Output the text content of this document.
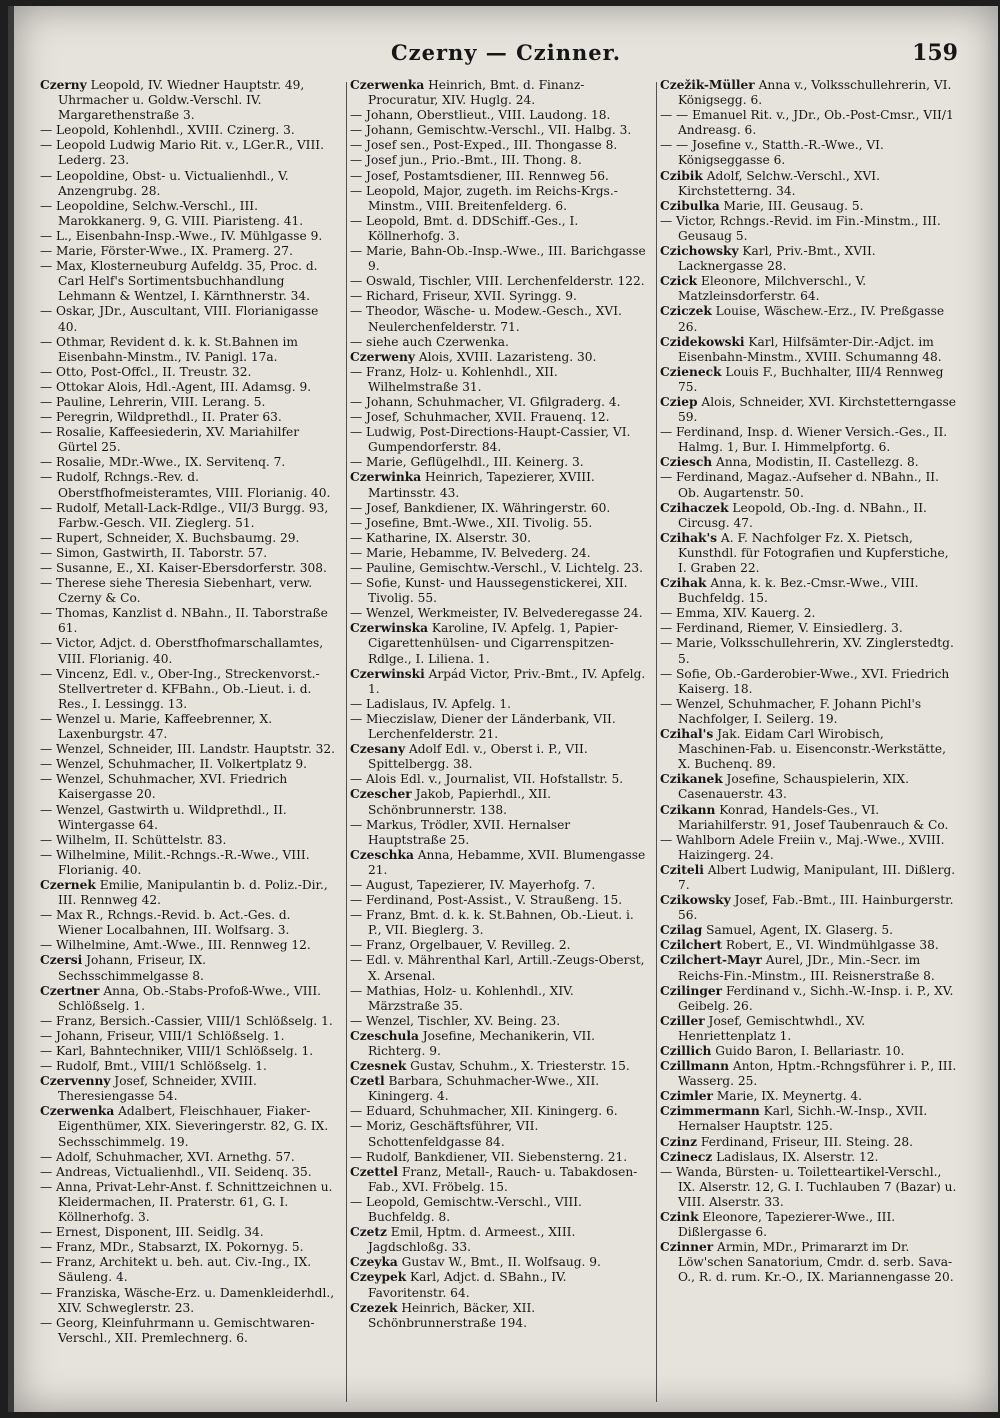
Czerny — Czinner.	159

Czerny Leopold, IV. Wiedner Hauptstr. 49, Uhrmacher u. Goldw.-Verschl. IV. Margarethenstraße 3.

— Leopold, Kohlenhdl., XVIII. Czinerg. 3.

— Leopold Ludwig Mario Rit. v., LGer.R., VIII. Lederg. 23.

— Leopoldine, Obst- u. Victualienhdl., V. Anzengrubg. 28.

— Leopoldine, Selchw.-Verschl., III. Marokkanerg. 9, G. VIII. Piaristeng. 41.

— L., Eisenbahn-Insp.-Wwe., IV. Mühlgasse 9.

— Marie, Förster-Wwe., IX. Pramerg. 27.

— Max, Klosterneuburg Aufeldg. 35, Proc. d. Carl Helf's Sortimentsbuchhandlung Lehmann & Wentzel, I. Kärnthnerstr. 34.

— Oskar, JDr., Auscultant, VIII. Florianigasse 40.

— Othmar, Revident d. k. k. St.Bahnen im Eisenbahn-Minstm., IV. Panigl. 17a.

— Otto, Post-Offcl., II. Treustr. 32.

— Ottokar Alois, Hdl.-Agent, III. Adamsg. 9.

— Pauline, Lehrerin, VIII. Lerang. 5.

— Peregrin, Wildprethdl., II. Prater 63.

— Rosalie, Kaffeesiederin, XV. Mariahilfer Gürtel 25.

— Rosalie, MDr.-Wwe., IX. Servitenq. 7.

— Rudolf, Rchngs.-Rev. d. Oberstfhofmeisteramtes, VIII. Florianig. 40.

— Rudolf, Metall-Lack-Rdlge., VII/3 Burgg. 93, Farbw.-Gesch. VII. Zieglerg. 51.

— Rupert, Schneider, X. Buchsbaumg. 29.

— Simon, Gastwirth, II. Taborstr. 57.

— Susanne, E., XI. Kaiser-Ebersdorferstr. 308.

— Therese siehe Theresia Siebenhart, verw. Czerny & Co.

— Thomas, Kanzlist d. NBahn., II. Taborstraße 61.

— Victor, Adjct. d. Oberstfhofmarschallamtes, VIII. Florianig. 40.

— Vincenz, Edl. v., Ober-Ing., Streckenvorst.-Stellvertreter d. KFBahn., Ob.-Lieut. i. d. Res., I. Lessingg. 13.

— Wenzel u. Marie, Kaffeebrenner, X. Laxenburgstr. 47.

— Wenzel, Schneider, III. Landstr. Hauptstr. 32.

— Wenzel, Schuhmacher, II. Volkertplatz 9.

— Wenzel, Schuhmacher, XVI. Friedrich Kaisergasse 20.

— Wenzel, Gastwirth u. Wildprethdl., II. Wintergasse 64.

— Wilhelm, II. Schüttelstr. 83.

— Wilhelmine, Milit.-Rchngs.-R.-Wwe., VIII. Florianig. 40.

Czernek Emilie, Manipulantin b. d. Poliz.-Dir., III. Rennweg 42.

— Max R., Rchngs.-Revid. b. Act.-Ges. d. Wiener Localbahnen, III. Wolfsarg. 3.

— Wilhelmine, Amt.-Wwe., III. Rennweg 12.

Czersi Johann, Friseur, IX. Sechsschimmelgasse 8.

Czertner Anna, Ob.-Stabs-Profoß-Wwe., VIII. Schlößselg. 1.

— Franz, Bersich.-Cassier, VIII/1 Schlößselg. 1.

— Johann, Friseur, VIII/1 Schlößselg. 1.

— Karl, Bahntechniker, VIII/1 Schlößselg. 1.

— Rudolf, Bmt., VIII/1 Schlößselg. 1.

Czervenny Josef, Schneider, XVIII. Theresiengasse 54.

Czerwenka Adalbert, Fleischhauer, Fiaker-Eigenthümer, XIX. Sieveringerstr. 82, G. IX. Sechsschimmelg. 19.

— Adolf, Schuhmacher, XVI. Arnethg. 57.

— Andreas, Victualienhdl., VII. Seidenq. 35.

— Anna, Privat-Lehr-Anst. f. Schnittzeichnen u. Kleidermachen, II. Praterstr. 61, G. I. Köllnerhofg. 3.

— Ernest, Disponent, III. Seidlg. 34.

— Franz, MDr., Stabsarzt, IX. Pokornyg. 5.

— Franz, Architekt u. beh. aut. Civ.-Ing., IX. Säuleng. 4.

— Franziska, Wäsche-Erz. u. Damenkleiderhdl., XIV. Schweglerstr. 23.

— Georg, Kleinfuhrmann u. Gemischtwaren-Verschl., XII. Premlechnerg. 6.

Czerwenka Heinrich, Bmt. d. Finanz-Procuratur, XIV. Huglg. 24.

— Johann, Oberstlieut., VIII. Laudong. 18.

— Johann, Gemischtw.-Verschl., VII. Halbg. 3.

— Josef sen., Post-Exped., III. Thongasse 8.

— Josef jun., Prio.-Bmt., III. Thong. 8.

— Josef, Postamtsdiener, III. Rennweg 56.

— Leopold, Major, zugeth. im Reichs-Krgs.-Minstm., VIII. Breitenfelderg. 6.

— Leopold, Bmt. d. DDSchiff.-Ges., I. Köllnerhofg. 3.

— Marie, Bahn-Ob.-Insp.-Wwe., III. Barichgasse 9.

— Oswald, Tischler, VIII. Lerchenfelderstr. 122.

— Richard, Friseur, XVII. Syringg. 9.

— Theodor, Wäsche- u. Modew.-Gesch., XVI. Neulerchenfelderstr. 71.

— siehe auch Czerwenka.

Czerweny Alois, XVIII. Lazaristeng. 30.

— Franz, Holz- u. Kohlenhdl., XII. Wilhelmstraße 31.

— Johann, Schuhmacher, VI. Gfilgraderg. 4.

— Josef, Schuhmacher, XVII. Frauenq. 12.

— Ludwig, Post-Directions-Haupt-Cassier, VI. Gumpendorferstr. 84.

— Marie, Geflügelhdl., III. Keinerg. 3.

Czerwinka Heinrich, Tapezierer, XVIII. Martinsstr. 43.

— Josef, Bankdiener, IX. Währingerstr. 60.

— Josefine, Bmt.-Wwe., XII. Tivolig. 55.

— Katharine, IX. Alserstr. 30.

— Marie, Hebamme, IV. Belvederg. 24.

— Pauline, Gemischtw.-Verschl., V. Lichtelg. 23.

— Sofie, Kunst- und Haussegenstickerei, XII. Tivolig. 55.

— Wenzel, Werkmeister, IV. Belvederegasse 24.

Czerwinska Karoline, IV. Apfelg. 1, Papier-Cigarettenhülsen- und Cigarrenspitzen-Rdlge., I. Liliena. 1.

Czerwinski Arpád Victor, Priv.-Bmt., IV. Apfelg. 1.

— Ladislaus, IV. Apfelg. 1.

— Mieczislaw, Diener der Länderbank, VII. Lerchenfelderstr. 21.

Czesany Adolf Edl. v., Oberst i. P., VII. Spittelbergg. 38.

— Alois Edl. v., Journalist, VII. Hofstallstr. 5.

Czescher Jakob, Papierhdl., XII. Schönbrunnerstr. 138.

— Markus, Trödler, XVII. Hernalser Hauptstraße 25.

Czeschka Anna, Hebamme, XVII. Blumengasse 21.

— August, Tapezierer, IV. Mayerhofg. 7.

— Ferdinand, Post-Assist., V. Straußeng. 15.

— Franz, Bmt. d. k. k. St.Bahnen, Ob.-Lieut. i. P., VII. Bieglerg. 3.

— Franz, Orgelbauer, V. Revilleg. 2.

— Edl. v. Mährenthal Karl, Artill.-Zeugs-Oberst, X. Arsenal.

— Mathias, Holz- u. Kohlenhdl., XIV. Märzstraße 35.

— Wenzel, Tischler, XV. Being. 23.

Czeschula Josefine, Mechanikerin, VII. Richterg. 9.

Czesnek Gustav, Schuhm., X. Triesterstr. 15.

Czetl Barbara, Schuhmacher-Wwe., XII. Kiningerg. 4.

— Eduard, Schuhmacher, XII. Kiningerg. 6.

— Moriz, Geschäftsführer, VII. Schottenfeldgasse 84.

— Rudolf, Bankdiener, VII. Siebensterng. 21.

Czettel Franz, Metall-, Rauch- u. Tabakdosen-Fab., XVI. Fröbelg. 15.

— Leopold, Gemischtw.-Verschl., VIII. Buchfeldg. 8.

Czetz Emil, Hptm. d. Armeest., XIII. Jagdschloßg. 33.

Czeyka Gustav W., Bmt., II. Wolfsaug. 9.

Czeypek Karl, Adjct. d. SBahn., IV. Favoritenstr. 64.

Czezek Heinrich, Bäcker, XII. Schönbrunnerstraße 194.

Czežik-Müller Anna v., Volksschullehrerin, VI. Königsegg. 6.

— — Emanuel Rit. v., JDr., Ob.-Post-Cmsr., VII/1 Andreasg. 6.

— — Josefine v., Statth.-R.-Wwe., VI. Königseggasse 6.

Czibik Adolf, Selchw.-Verschl., XVI. Kirchstetterng. 34.

Czibulka Marie, III. Geusaug. 5.

— Victor, Rchngs.-Revid. im Fin.-Minstm., III. Geusaug 5.

Czichowsky Karl, Priv.-Bmt., XVII. Lacknergasse 28.

Czick Eleonore, Milchverschl., V. Matzleinsdorferstr. 64.

Cziczek Louise, Wäschew.-Erz., IV. Preßgasse 26.

Czidekowski Karl, Hilfsämter-Dir.-Adjct. im Eisenbahn-Minstm., XVIII. Schumanng 48.

Czieneck Louis F., Buchhalter, III/4 Rennweg 75.

Cziep Alois, Schneider, XVI. Kirchstetterngasse 59.

— Ferdinand, Insp. d. Wiener Versich.-Ges., II. Halmg. 1, Bur. I. Himmelpfortg. 6.

Cziesch Anna, Modistin, II. Castellezg. 8.

— Ferdinand, Magaz.-Aufseher d. NBahn., II. Ob. Augartenstr. 50.

Czihaczek Leopold, Ob.-Ing. d. NBahn., II. Circusg. 47.

Czihak's A. F. Nachfolger Fz. X. Pietsch, Kunsthdl. für Fotografien und Kupferstiche, I. Graben 22.

Czihak Anna, k. k. Bez.-Cmsr.-Wwe., VIII. Buchfeldg. 15.

— Emma, XIV. Kauerg. 2.

— Ferdinand, Riemer, V. Einsiedlerg. 3.

— Marie, Volksschullehrerin, XV. Zinglerstedtg. 5.

— Sofie, Ob.-Garderobier-Wwe., XVI. Friedrich Kaiserg. 18.

— Wenzel, Schuhmacher, F. Johann Pichl's Nachfolger, I. Seilerg. 19.

Czihal's Jak. Eidam Carl Wirobisch, Maschinen-Fab. u. Eisenconstr.-Werkstätte, X. Buchenq. 89.

Czikanek Josefine, Schauspielerin, XIX. Casenauerstr. 43.

Czikann Konrad, Handels-Ges., VI. Mariahilferstr. 91, Josef Taubenrauch & Co.

— Wahlborn Adele Freiin v., Maj.-Wwe., XVIII. Haizingerg. 24.

Cziteli Albert Ludwig, Manipulant, III. Dißlerg. 7.

Czikowsky Josef, Fab.-Bmt., III. Hainburgerstr. 56.

Czilag Samuel, Agent, IX. Glaserg. 5.

Czilchert Robert, E., VI. Windmühlgasse 38.

Czilchert-Mayr Aurel, JDr., Min.-Secr. im Reichs-Fin.-Minstm., III. Reisnerstraße 8.

Czilinger Ferdinand v., Sichh.-W.-Insp. i. P., XV. Geibelg. 26.

Cziller Josef, Gemischtwhdl., XV. Henriettenplatz 1.

Czillich Guido Baron, I. Bellariastr. 10.

Czillmann Anton, Hptm.-Rchngsführer i. P., III. Wasserg. 25.

Czimler Marie, IX. Meynertg. 4.

Czimmermann Karl, Sichh.-W.-Insp., XVII. Hernalser Hauptstr. 125.

Czinz Ferdinand, Friseur, III. Steing. 28.

Czinecz Ladislaus, IX. Alserstr. 12.

— Wanda, Bürsten- u. Toiletteartikel-Verschl., IX. Alserstr. 12, G. I. Tuchlauben 7 (Bazar) u. VIII. Alserstr. 33.

Czink Eleonore, Tapezierer-Wwe., III. Dißlergasse 6.

Czinner Armin, MDr., Primararzt im Dr. Löw'schen Sanatorium, Cmdr. d. serb. Sava-O., R. d. rum. Kr.-O., IX. Mariannengasse 20.
